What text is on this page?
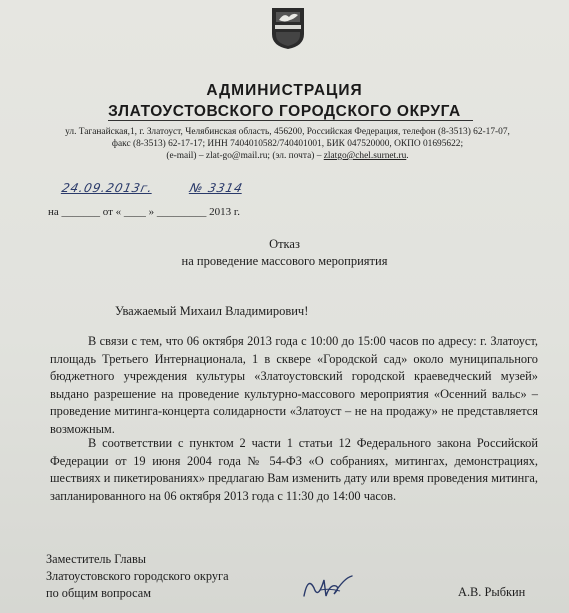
АДМИНИСТРАЦИЯ
ЗЛАТОУСТОВСКОГО ГОРОДСКОГО ОКРУГА
ул. Таганайская,1, г. Златоуст, Челябинская область, 456200, Российская Федерация, телефон (8-3513) 62-17-07,
факс (8-3513) 62-17-17; ИНН 7404010582/740401001, БИК 047520000, ОКПО 01695622;
(e-mail) – zlat-go@mail.ru; (эл. почта) – zlatgo@chel.surnet.ru.
24.09.2013г.	№ 3314
на _______ от « ____ » _________ 2013 г.
Отказ
на проведение массового мероприятия
Уважаемый Михаил Владимирович!

В связи с тем, что 06 октября 2013 года с 10:00 до 15:00 часов по адресу: г. Златоуст, площадь Третьего Интернационала, 1 в сквере «Городской сад» около муниципального бюджетного учреждения культуры «Златоустовский городской краеведческий музей» выдано разрешение на проведение культурно-массового мероприятия «Осенний вальс» – проведение митинга-концерта солидарности «Златоуст – не на продажу» не представляется возможным.

В соответствии с пунктом 2 части 1 статьи 12 Федерального закона Российской Федерации от 19 июня 2004 года № 54-ФЗ «О собраниях, митингах, демонстрациях, шествиях и пикетированиях» предлагаю Вам изменить дату или время проведения митинга, запланированного на 06 октября 2013 года с 11:30 до 14:00 часов.

Заместитель Главы
Златоустовского городского округа
по общим вопросам	А.В. Рыбкин
